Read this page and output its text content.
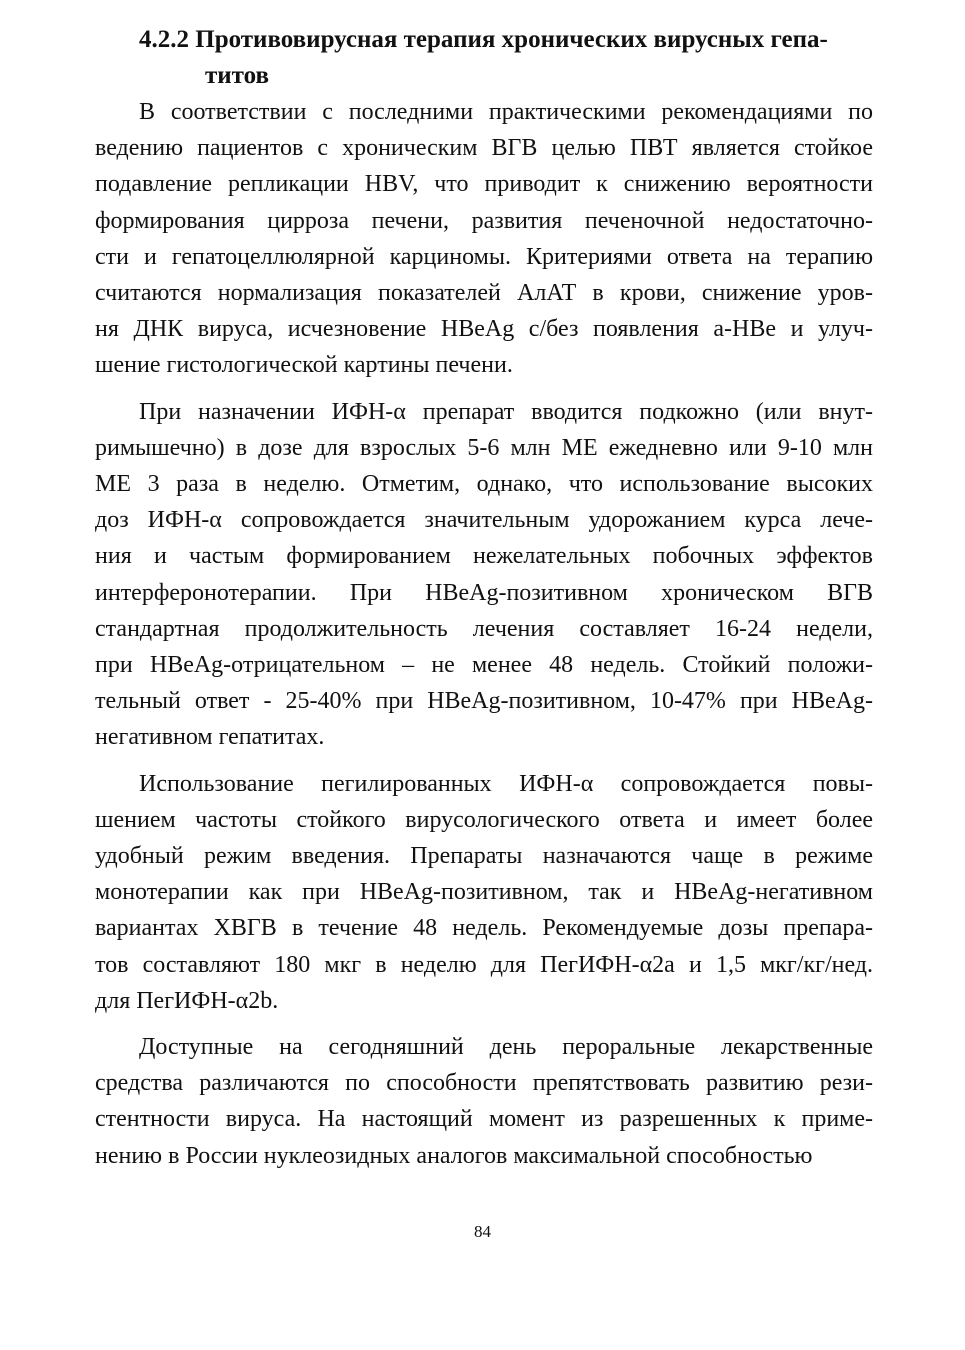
4.2.2 Противовирусная терапия хронических вирусных гепа-
титов

В соответствии с последними практическими рекомендациями по
ведению пациентов с хроническим ВГВ целью ПВТ является стойкое
подавление репликации HBV, что приводит к снижению вероятности
формирования цирроза печени, развития печеночной недостаточно-
сти и гепатоцеллюлярной карциномы. Критериями ответа на терапию
считаются нормализация показателей АлАТ в крови, снижение уров-
ня ДНК вируса, исчезновение HBeAg с/без появления а-HBe и улуч-
шение гистологической картины печени.

При назначении ИФН-α препарат вводится подкожно (или внут-
римышечно) в дозе для взрослых 5-6 млн МЕ ежедневно или 9-10 млн
МЕ 3 раза в неделю. Отметим, однако, что использование высоких
доз ИФН-α сопровождается значительным удорожанием курса лече-
ния и частым формированием нежелательных побочных эффектов
интерферонотерапии. При HBeAg-позитивном хроническом ВГВ
стандартная продолжительность лечения составляет 16-24 недели,
при HBeAg-отрицательном – не менее 48 недель. Стойкий положи-
тельный ответ - 25-40% при HBeAg-позитивном, 10-47% при HBeAg-
негативном гепатитах.

Использование пегилированных ИФН-α сопровождается повы-
шением частоты стойкого вирусологического ответа и имеет более
удобный режим введения. Препараты назначаются чаще в режиме
монотерапии как при HBeAg-позитивном, так и HBeAg-негативном
вариантах ХВГВ в течение 48 недель. Рекомендуемые дозы препара-
тов составляют 180 мкг в неделю для ПегИФН-α2а и 1,5 мкг/кг/нед.
для ПегИФН-α2b.

Доступные на сегодняшний день пероральные лекарственные
средства различаются по способности препятствовать развитию рези-
стентности вируса. На настоящий момент из разрешенных к приме-
нению в России нуклеозидных аналогов максимальной способностью

84
